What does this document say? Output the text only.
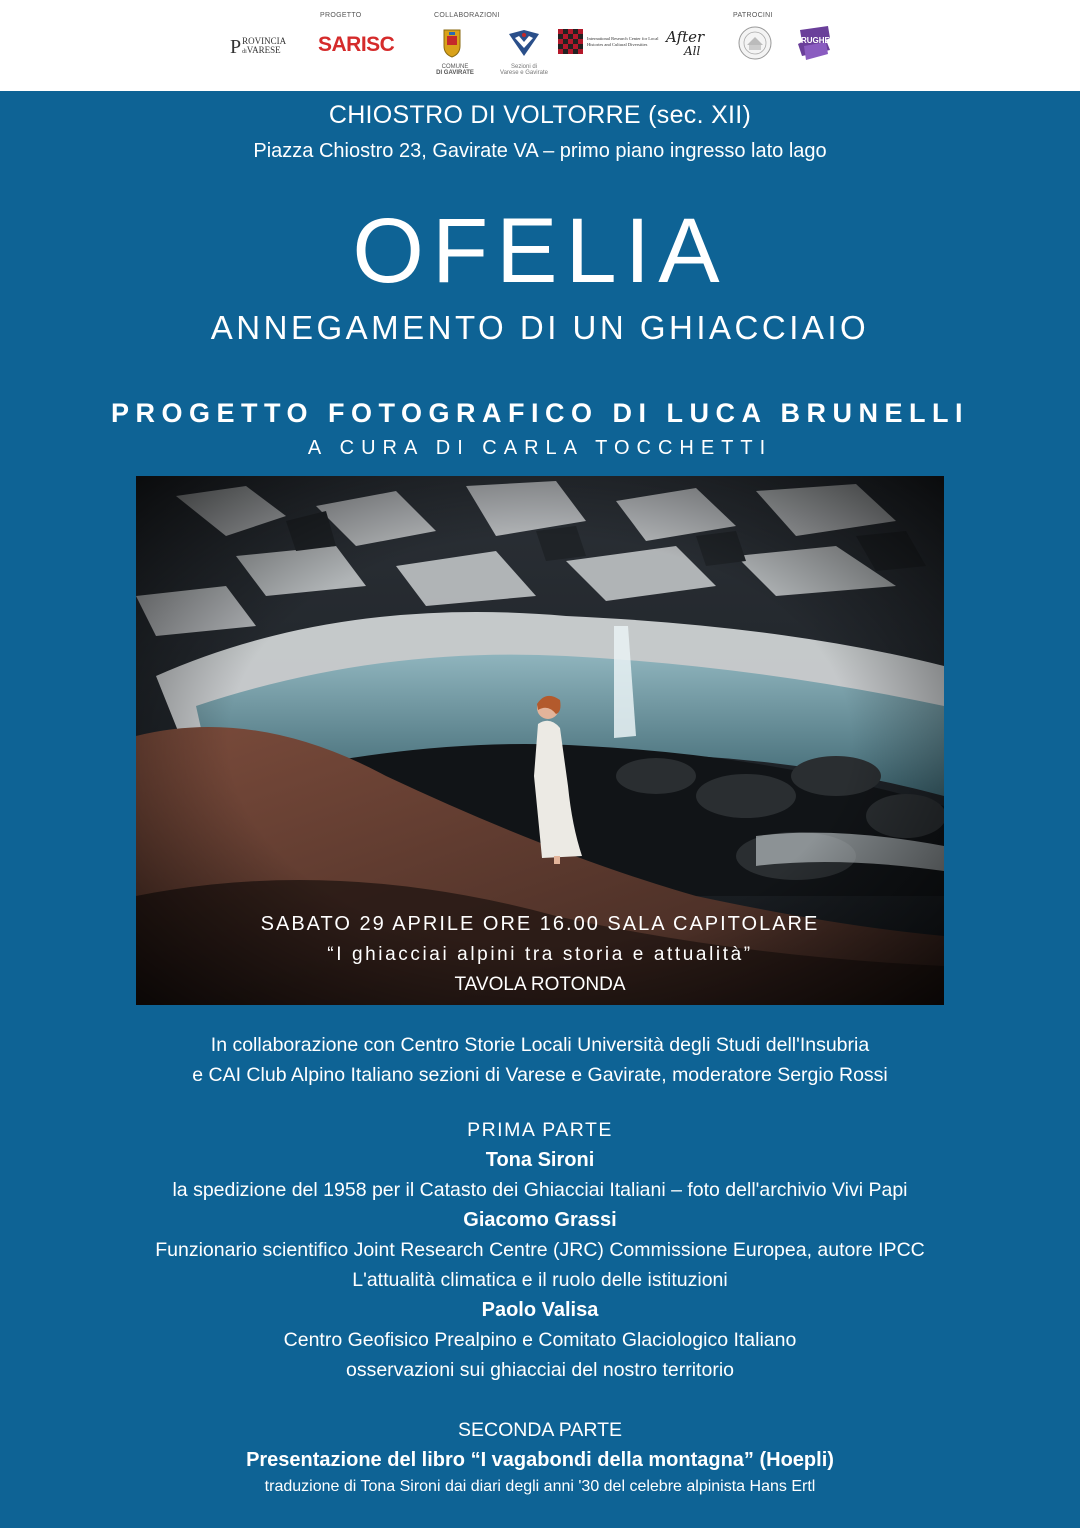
PROGETTO	COLLABORAZIONI	PATROCINI
P ROVINCIA
diVARESE SARISC
COMUNE
DI GAVIRATE
Sezioni di
Varese e Gavirate
International Research Center for Local Histories and Cultural Diversities	After
All
RUGHE
CHIOSTRO DI VOLTORRE (sec. XII)
Piazza Chiostro 23, Gavirate VA – primo piano ingresso lato lago
OFELIA
ANNEGAMENTO DI UN GHIACCIAIO
PROGETTO FOTOGRAFICO DI LUCA BRUNELLI
A CURA DI CARLA TOCCHETTI
SABATO 29 APRILE ORE 16.00 SALA CAPITOLARE
“I ghiacciai alpini tra storia e attualità”
TAVOLA ROTONDA
In collaborazione con Centro Storie Locali Università degli Studi dell'Insubria
e CAI Club Alpino Italiano sezioni di Varese e Gavirate, moderatore Sergio Rossi
PRIMA PARTE
Tona Sironi
la spedizione del 1958 per il Catasto dei Ghiacciai Italiani – foto dell'archivio Vivi Papi
Giacomo Grassi
Funzionario scientifico Joint Research Centre (JRC) Commissione Europea, autore IPCC
L'attualità climatica e il ruolo delle istituzioni
Paolo Valisa
Centro Geofisico Prealpino e Comitato Glaciologico Italiano
osservazioni sui ghiacciai del nostro territorio
SECONDA PARTE
Presentazione del libro “I vagabondi della montagna” (Hoepli)
traduzione di Tona Sironi dai diari degli anni '30 del celebre alpinista Hans Ertl
